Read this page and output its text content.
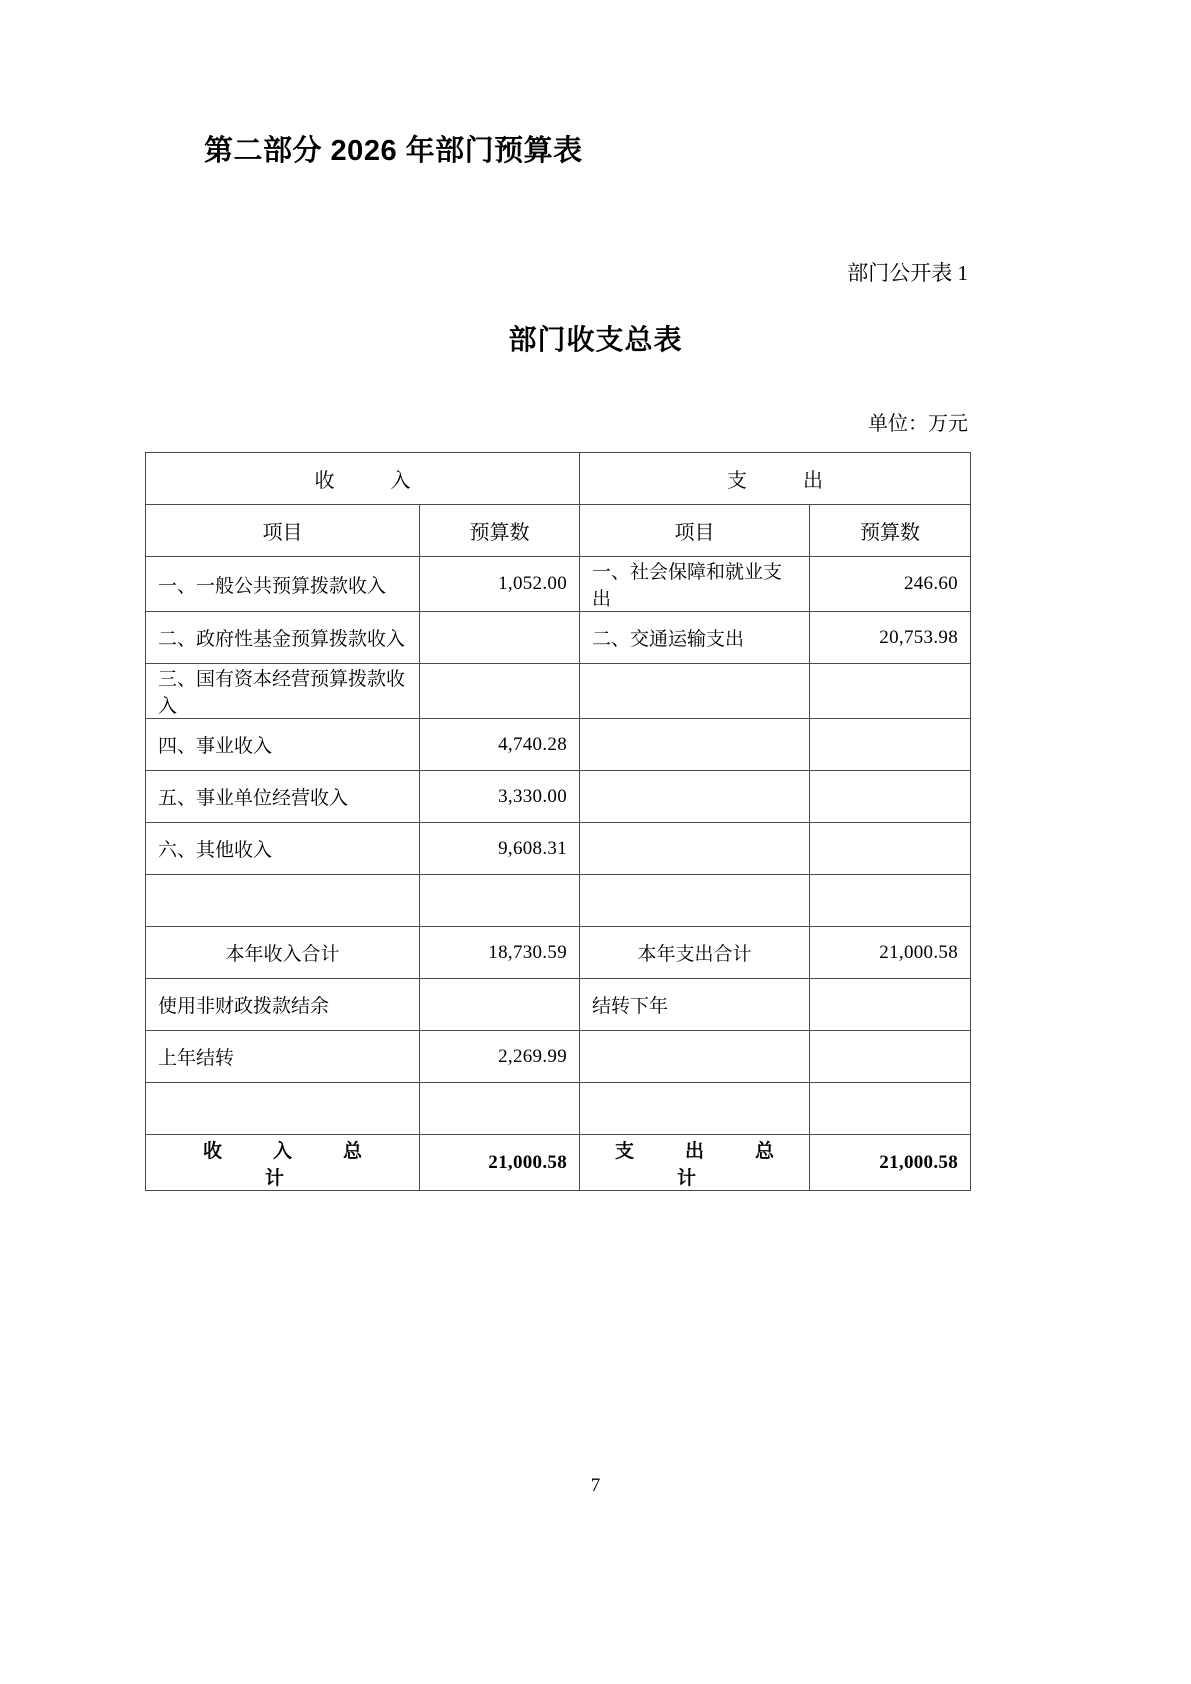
第二部分 2026 年部门预算表
部门公开表 1
部门收支总表
单位：万元
收　入		支　出	
项目	预算数	项目	预算数
一、一般公共预算拨款收入	1,052.00	一、社会保障和就业支出	246.60
二、政府性基金预算拨款收入		二、交通运输支出	20,753.98
三、国有资本经营预算拨款收入			
四、事业收入	4,740.28		
五、事业单位经营收入	3,330.00		
六、其他收入	9,608.31		

本年收入合计	18,730.59	本年支出合计	21,000.58
使用非财政拨款结余		结转下年	
上年结转	2,269.99		

收　入　总　计	21,000.58	支　出　总　计	21,000.58
7
